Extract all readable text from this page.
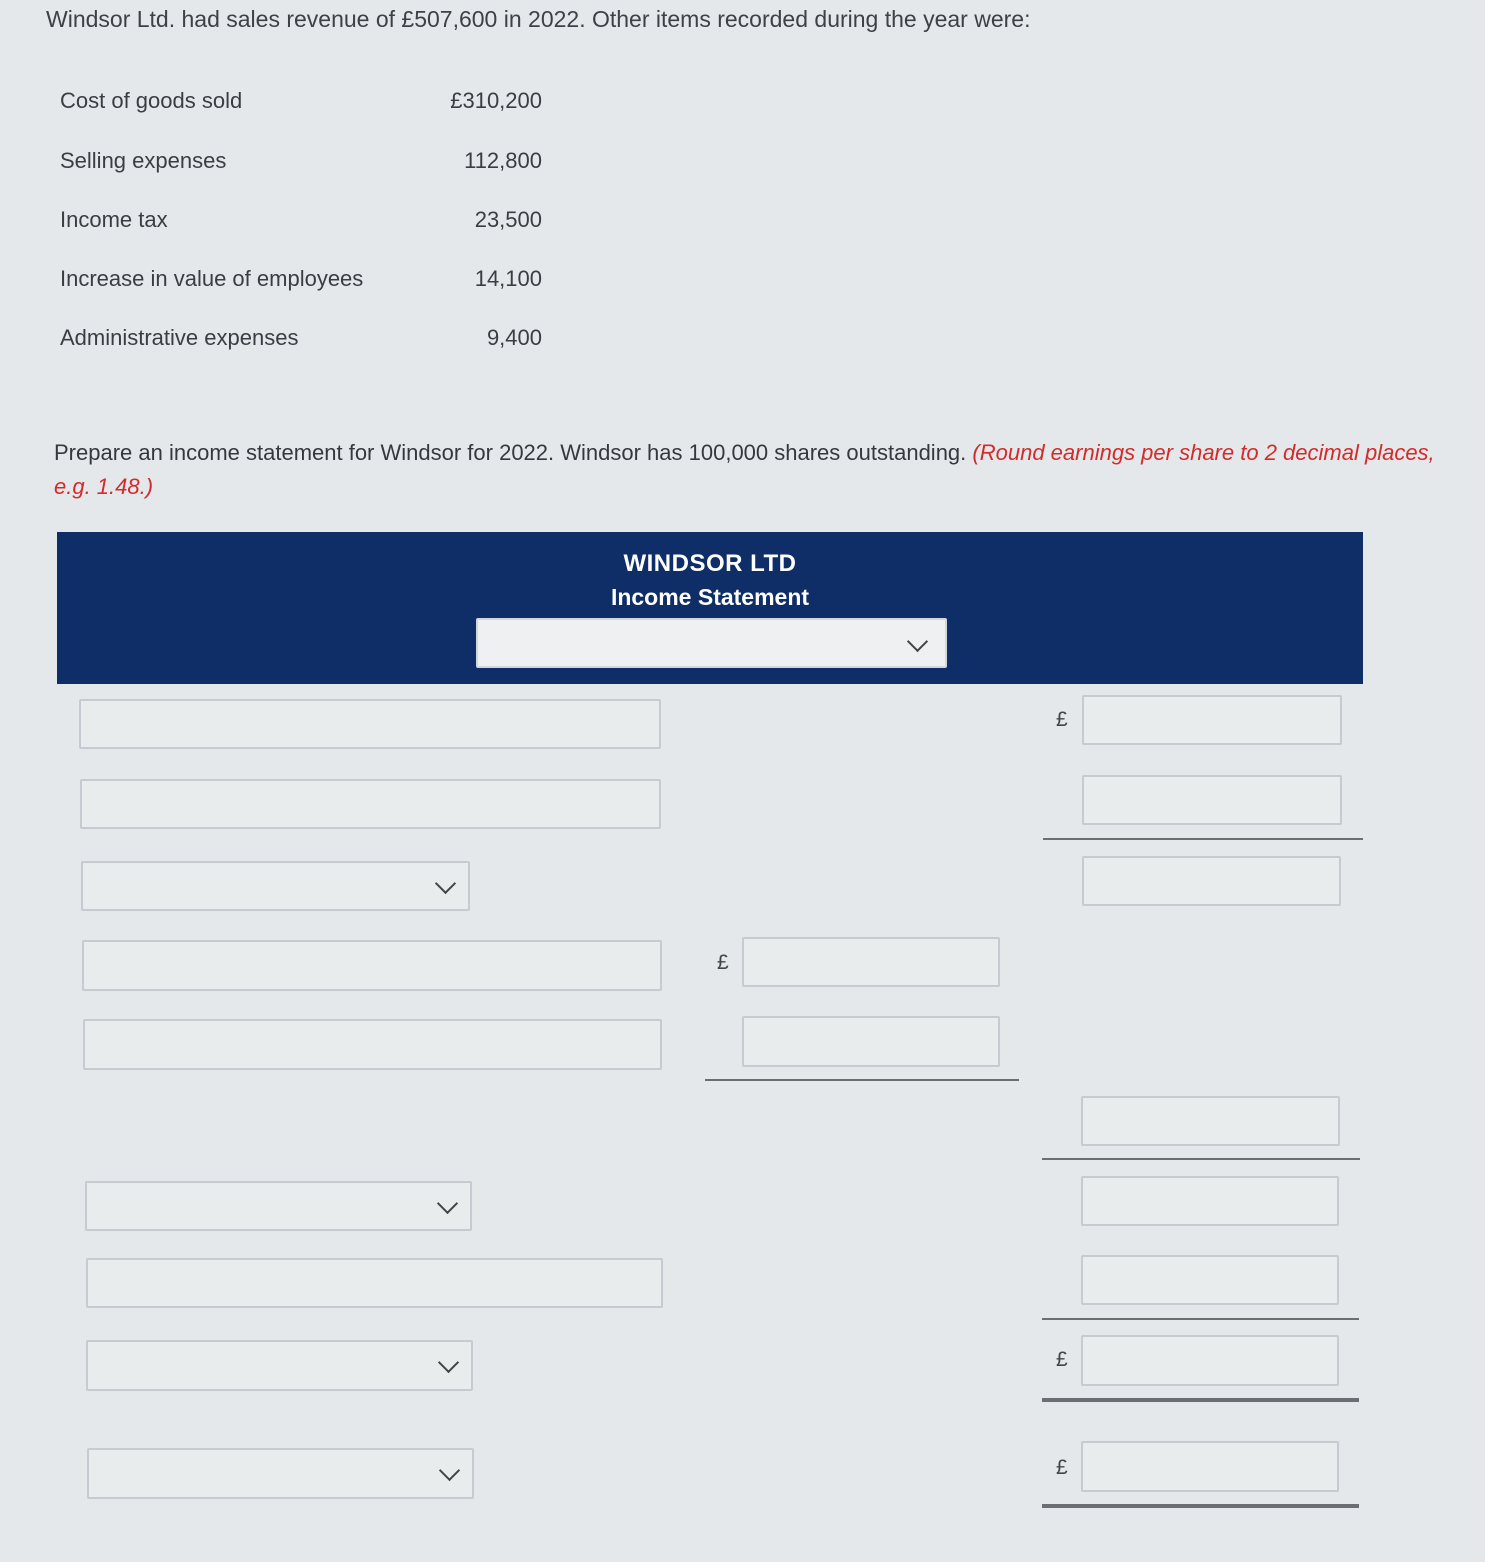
Windsor Ltd. had sales revenue of £507,600 in 2022. Other items recorded during the year were:

Cost of goods sold	£310,200
Selling expenses	112,800
Income tax	23,500
Increase in value of employees	14,100
Administrative expenses	9,400

Prepare an income statement for Windsor for 2022. Windsor has 100,000 shares outstanding. (Round earnings per share to 2 decimal places, e.g. 1.48.)

WINDSOR LTD
Income Statement
£
£
£
£
